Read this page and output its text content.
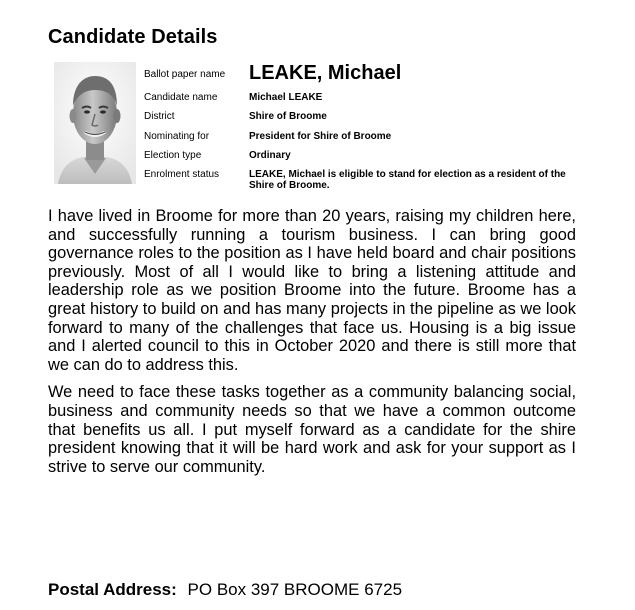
Candidate Details
Ballot paper name	LEAKE, Michael
Candidate name	Michael LEAKE
District	Shire of Broome
Nominating for	President for Shire of Broome
Election type	Ordinary
Enrolment status	LEAKE, Michael is eligible to stand for election as a resident of the Shire of Broome.

I have lived in Broome for more than 20 years, raising my children here, and successfully running a tourism business. I can bring good governance roles to the position as I have held board and chair positions previously. Most of all I would like to bring a listening attitude and leadership role as we position Broome into the future. Broome has a great history to build on and has many projects in the pipeline as we look forward to many of the challenges that face us. Housing is a big issue and I alerted council to this in October 2020 and there is still more that we can do to address this.

We need to face these tasks together as a community balancing social, business and community needs so that we have a common outcome that benefits us all. I put myself forward as a candidate for the shire president knowing that it will be hard work and ask for your support as I strive to serve our community.

Postal Address: PO Box 397 BROOME 6725
